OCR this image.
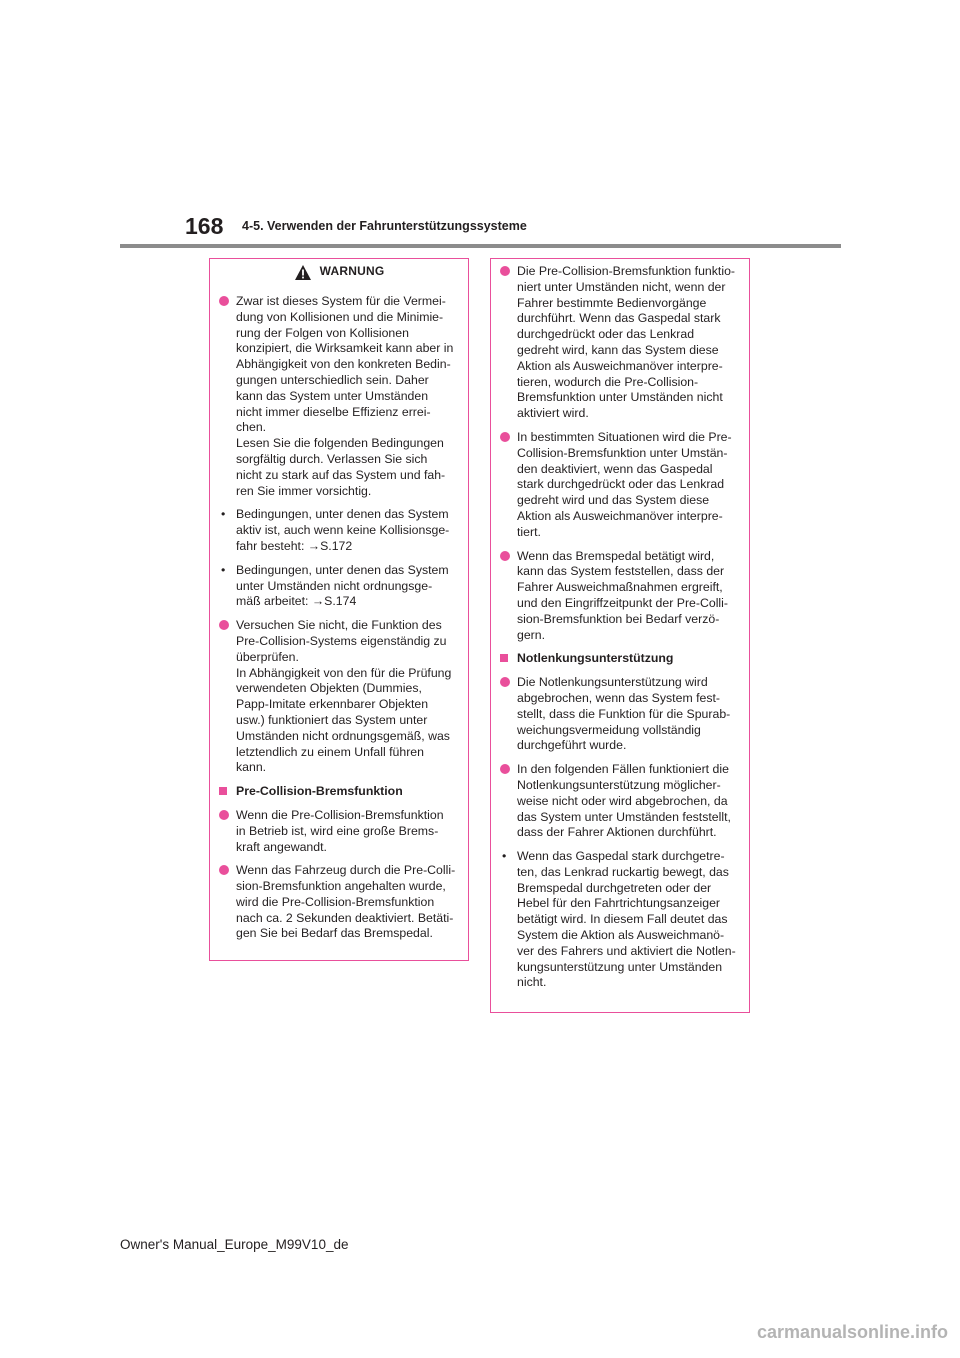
168 4-5. Verwenden der Fahrunterstützungssysteme
WARNUNG
Zwar ist dieses System für die Vermei-
dung von Kollisionen und die Minimie-
rung der Folgen von Kollisionen
konzipiert, die Wirksamkeit kann aber in
Abhängigkeit von den konkreten Bedin-
gungen unterschiedlich sein. Daher
kann das System unter Umständen
nicht immer dieselbe Effizienz errei-
chen.
Lesen Sie die folgenden Bedingungen
sorgfältig durch. Verlassen Sie sich
nicht zu stark auf das System und fah-
ren Sie immer vorsichtig.
• Bedingungen, unter denen das System
aktiv ist, auch wenn keine Kollisionsge-
fahr besteht: →S.172
• Bedingungen, unter denen das System
unter Umständen nicht ordnungsge-
mäß arbeitet: →S.174
Versuchen Sie nicht, die Funktion des
Pre-Collision-Systems eigenständig zu
überprüfen.
In Abhängigkeit von den für die Prüfung
verwendeten Objekten (Dummies,
Papp-Imitate erkennbarer Objekten
usw.) funktioniert das System unter
Umständen nicht ordnungsgemäß, was
letztendlich zu einem Unfall führen
kann.
Pre-Collision-Bremsfunktion
Wenn die Pre-Collision-Bremsfunktion
in Betrieb ist, wird eine große Brems-
kraft angewandt.
Wenn das Fahrzeug durch die Pre-Colli-
sion-Bremsfunktion angehalten wurde,
wird die Pre-Collision-Bremsfunktion
nach ca. 2 Sekunden deaktiviert. Betäti-
gen Sie bei Bedarf das Bremspedal.
Die Pre-Collision-Bremsfunktion funktio-
niert unter Umständen nicht, wenn der
Fahrer bestimmte Bedienvorgänge
durchführt. Wenn das Gaspedal stark
durchgedrückt oder das Lenkrad
gedreht wird, kann das System diese
Aktion als Ausweichmanöver interpre-
tieren, wodurch die Pre-Collision-
Bremsfunktion unter Umständen nicht
aktiviert wird.
In bestimmten Situationen wird die Pre-
Collision-Bremsfunktion unter Umstän-
den deaktiviert, wenn das Gaspedal
stark durchgedrückt oder das Lenkrad
gedreht wird und das System diese
Aktion als Ausweichmanöver interpre-
tiert.
Wenn das Bremspedal betätigt wird,
kann das System feststellen, dass der
Fahrer Ausweichmaßnahmen ergreift,
und den Eingriffzeitpunkt der Pre-Colli-
sion-Bremsfunktion bei Bedarf verzö-
gern.
Notlenkungsunterstützung
Die Notlenkungsunterstützung wird
abgebrochen, wenn das System fest-
stellt, dass die Funktion für die Spurab-
weichungsvermeidung vollständig
durchgeführt wurde.
In den folgenden Fällen funktioniert die
Notlenkungsunterstützung möglicher-
weise nicht oder wird abgebrochen, da
das System unter Umständen feststellt,
dass der Fahrer Aktionen durchführt.
• Wenn das Gaspedal stark durchgetre-
ten, das Lenkrad ruckartig bewegt, das
Bremspedal durchgetreten oder der
Hebel für den Fahrtrichtungsanzeiger
betätigt wird. In diesem Fall deutet das
System die Aktion als Ausweichmanö-
ver des Fahrers und aktiviert die Notlen-
kungsunterstützung unter Umständen
nicht.
Owner's Manual_Europe_M99V10_de
carmanualsonline.info
